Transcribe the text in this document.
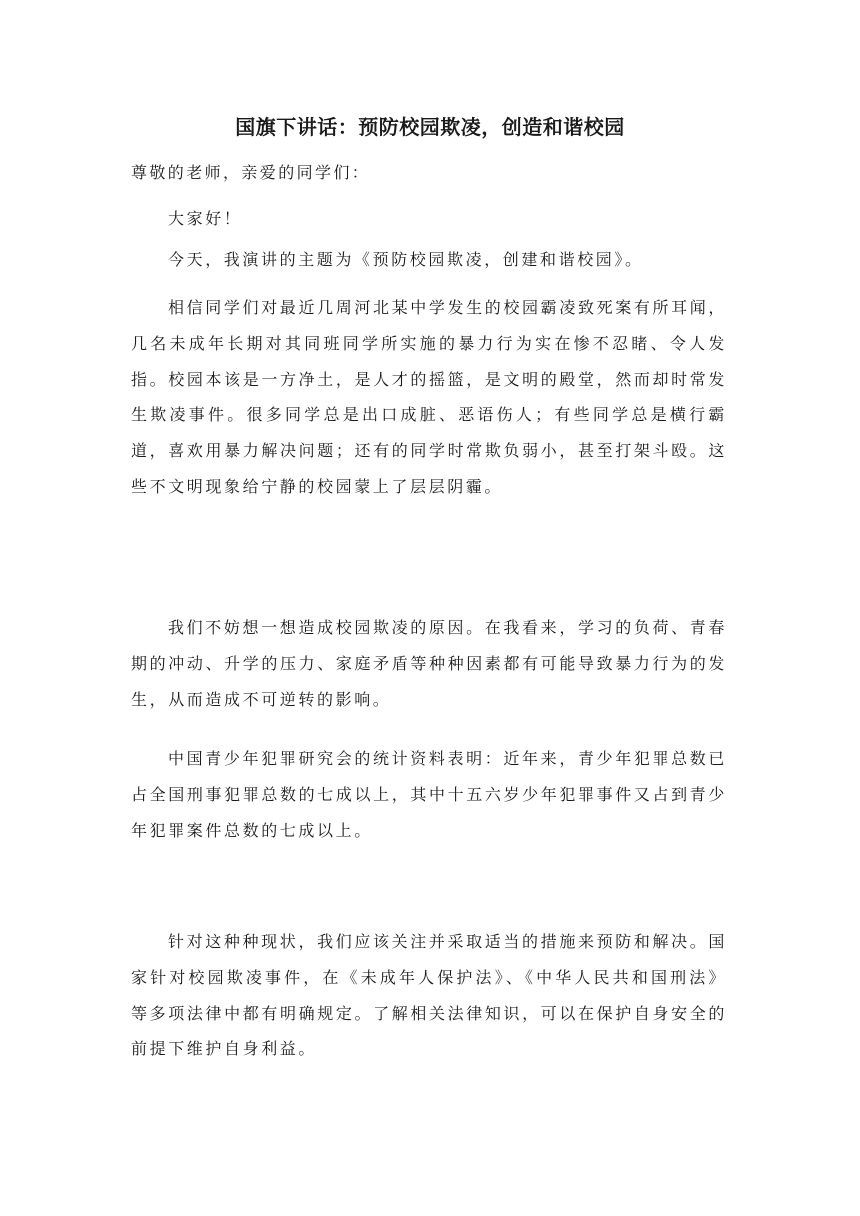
国旗下讲话：预防校园欺凌，创造和谐校园

尊敬的老师，亲爱的同学们：

大家好！

今天，我演讲的主题为《预防校园欺凌，创建和谐校园》。

相信同学们对最近几周河北某中学发生的校园霸凌致死案有所耳闻，几名未成年长期对其同班同学所实施的暴力行为实在惨不忍睹、令人发指。校园本该是一方净土，是人才的摇篮，是文明的殿堂，然而却时常发生欺凌事件。很多同学总是出口成脏、恶语伤人；有些同学总是横行霸道，喜欢用暴力解决问题；还有的同学时常欺负弱小，甚至打架斗殴。这些不文明现象给宁静的校园蒙上了层层阴霾。

我们不妨想一想造成校园欺凌的原因。在我看来，学习的负荷、青春期的冲动、升学的压力、家庭矛盾等种种因素都有可能导致暴力行为的发生，从而造成不可逆转的影响。

中国青少年犯罪研究会的统计资料表明：近年来，青少年犯罪总数已占全国刑事犯罪总数的七成以上，其中十五六岁少年犯罪事件又占到青少年犯罪案件总数的七成以上。

针对这种种现状，我们应该关注并采取适当的措施来预防和解决。国家针对校园欺凌事件，在《未成年人保护法》、《中华人民共和国刑法》等多项法律中都有明确规定。了解相关法律知识，可以在保护自身安全的前提下维护自身利益。
